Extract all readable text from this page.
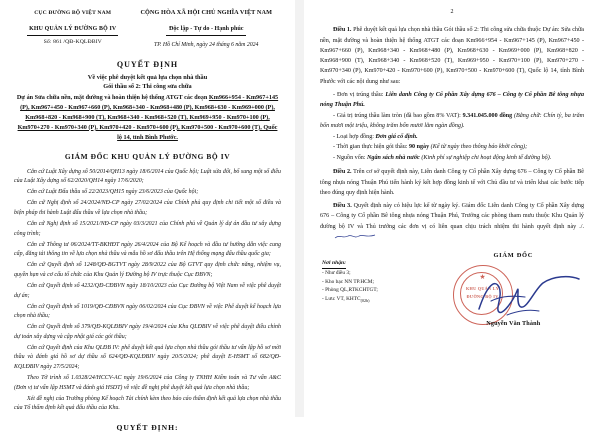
CỤC ĐƯỜNG BỘ VIỆT NAM
KHU QUẢN LÝ ĐƯỜNG BỘ IV
Số: 861 /QĐ-KQLĐBIV
CỘNG HÒA XÃ HỘI CHỦ NGHĨA VIỆT NAM
Độc lập - Tự do - Hạnh phúc
TP. Hồ Chí Minh, ngày 24 tháng 6 năm 2024
QUYẾT ĐỊNH
Về việc phê duyệt kết quả lựa chọn nhà thầu
Gói thầu số 2: Thi công sửa chữa
Dự án Sửa chữa nền, mặt đường và hoàn thiện hệ thống ATGT các đoạn Km966+954 - Km967+145 (P), Km967+450 - Km967+660 (P), Km968+340 - Km968+480 (P), Km968+630 - Km969+000 (P), Km968+820 - Km968+900 (T), Km968+340 - Km968+520 (T), Km969+950 - Km970+100 (P), Km970+270 - Km970+340 (P), Km970+420 - Km970+600 (P), Km970+500 - Km970+600 (T), Quốc lộ 14, tỉnh Bình Phước.
GIÁM ĐỐC KHU QUẢN LÝ ĐƯỜNG BỘ IV

Căn cứ Luật Xây dựng số 50/2014/QH13 ngày 18/6/2014 của Quốc hội; Luật sửa đổi, bổ sung một số điều của Luật Xây dựng số 62/2020/QH14 ngày 17/6/2020;

Căn cứ Luật Đấu thầu số 22/2023/QH15 ngày 23/6/2023 của Quốc hội;

Căn cứ Nghị định số 24/2024/NĐ-CP ngày 27/02/2024 của Chính phủ quy định chi tiết một số điều và biện pháp thi hành Luật đấu thầu về lựa chọn nhà thầu;

Căn cứ Nghị định số 15/2021/NĐ-CP ngày 03/3/2021 của Chính phủ về Quản lý dự án đầu tư xây dựng công trình;

Căn cứ Thông tư 06/2024/TT-BKHĐT ngày 26/4/2024 của Bộ Kế hoạch và đầu tư hướng dẫn việc cung cấp, đăng tải thông tin về lựa chọn nhà thầu và mẫu hồ sơ đấu thầu trên Hệ thống mạng đấu thầu quốc gia;

Căn cứ Quyết định số 1248/QĐ-BGTVT ngày 28/9/2022 của Bộ GTVT quy định chức năng, nhiệm vụ, quyền hạn và cơ cấu tổ chức của Khu Quản lý Đường bộ IV trực thuộc Cục ĐBVN;

Căn cứ Quyết định số 4232/QĐ-CĐBVN ngày 18/10/2023 của Cục Đường bộ Việt Nam về việc phê duyệt dự án;

Căn cứ Quyết định số 1019/QĐ-CĐBVN ngày 06/02/2024 của Cục ĐBVN về việc Phê duyệt kế hoạch lựa chọn nhà thầu;

Căn cứ Quyết định số 379/QĐ-KQLĐBIV ngày 19/4/2024 của Khu QLĐBIV về việc phê duyệt điều chỉnh dự toán xây dựng và cập nhật giá các gói thầu;

Căn cứ Quyết định của Khu QLĐB IV: phê duyệt kết quả lựa chọn nhà thầu gói thầu tư vấn lập hồ sơ mời thầu và đánh giá hồ sơ dự thầu số 624/QĐ-KQLĐBIV ngày 20/5/2024; phê duyệt E-HSMT số 682/QĐ-KQLĐBIV ngày 27/5/2024;

Theo Tờ trình số 1.0328/24/HCCV-AC ngày 19/6/2024 của Công ty TNHH Kiểm toán và Tư vấn A&C (Đơn vị tư vấn lập HSMT và đánh giá HSDT) về việc đề nghị phê duyệt kết quả lựa chọn nhà thầu;

Xét đề nghị của Trưởng phòng Kế hoạch Tài chính kèm theo báo cáo thẩm định kết quả lựa chọn nhà thầu của Tổ thẩm định kết quả đấu thầu của Khu.

QUYẾT ĐỊNH:
2

Điều 1. Phê duyệt kết quả lựa chọn nhà thầu Gói thầu số 2: Thi công sửa chữa thuộc Dự án: Sửa chữa nền, mặt đường và hoàn thiện hệ thống ATGT các đoạn Km966+954 - Km967+145 (P), Km967+450 - Km967+660 (P), Km968+340 - Km968+480 (P), Km968+630 - Km969+000 (P), Km968+820 - Km968+900 (T), Km968+340 - Km968+520 (T), Km969+950 - Km970+100 (P), Km970+270 - Km970+340 (P), Km970+420 - Km970+600 (P), Km970+500 - Km970+600 (T), Quốc lộ 14, tỉnh Bình Phước với các nội dung như sau:

- Đơn vị trúng thầu: Liên danh Công ty Cổ phần Xây dựng 676 – Công ty Cổ phần Bê tông nhựa nóng Thuận Phú.

- Giá trị trúng thầu làm tròn (đã bao gồm 8% VAT): 9.341.045.000 đồng (Bằng chữ: Chín tỷ, ba trăm bốn mươi một triệu, không trăm bốn mươi lăm ngàn đồng).

- Loại hợp đồng: Đơn giá cố định.

- Thời gian thực hiện gói thầu: 90 ngày (Kể từ ngày theo thông báo khởi công);

- Nguồn vốn: Ngân sách nhà nước (Kinh phí sự nghiệp chi hoạt động kinh tế đường bộ).

Điều 2. Trên cơ sở quyết định này, Liên danh Công ty Cổ phần Xây dựng 676 – Công ty Cổ phần Bê tông nhựa nóng Thuận Phú tiến hành ký kết hợp đồng kinh tế với Chủ đầu tư và triển khai các bước tiếp theo đúng quy định hiện hành.

Điều 3. Quyết định này có hiệu lực kể từ ngày ký. Giám đốc Liên danh Công ty Cổ phần Xây dựng 676 – Công ty Cổ phần Bê tông nhựa nóng Thuận Phú, Trưởng các phòng tham mưu thuộc Khu Quản lý đường bộ IV và Thủ trưởng các đơn vị có liên quan chịu trách nhiệm thi hành quyết định này ./.

Nơi nhận:
- Như điều 3;
- Kho bạc NN TP.HCM;
- Phòng QL,RTKCHTGT;
- Lưu: VT, $KHTC_{(02b)}$
GIÁM ĐỐC
★
KHU QUẢN LÝ
ĐƯỜNG BỘ IV
Nguyễn Văn Thành
